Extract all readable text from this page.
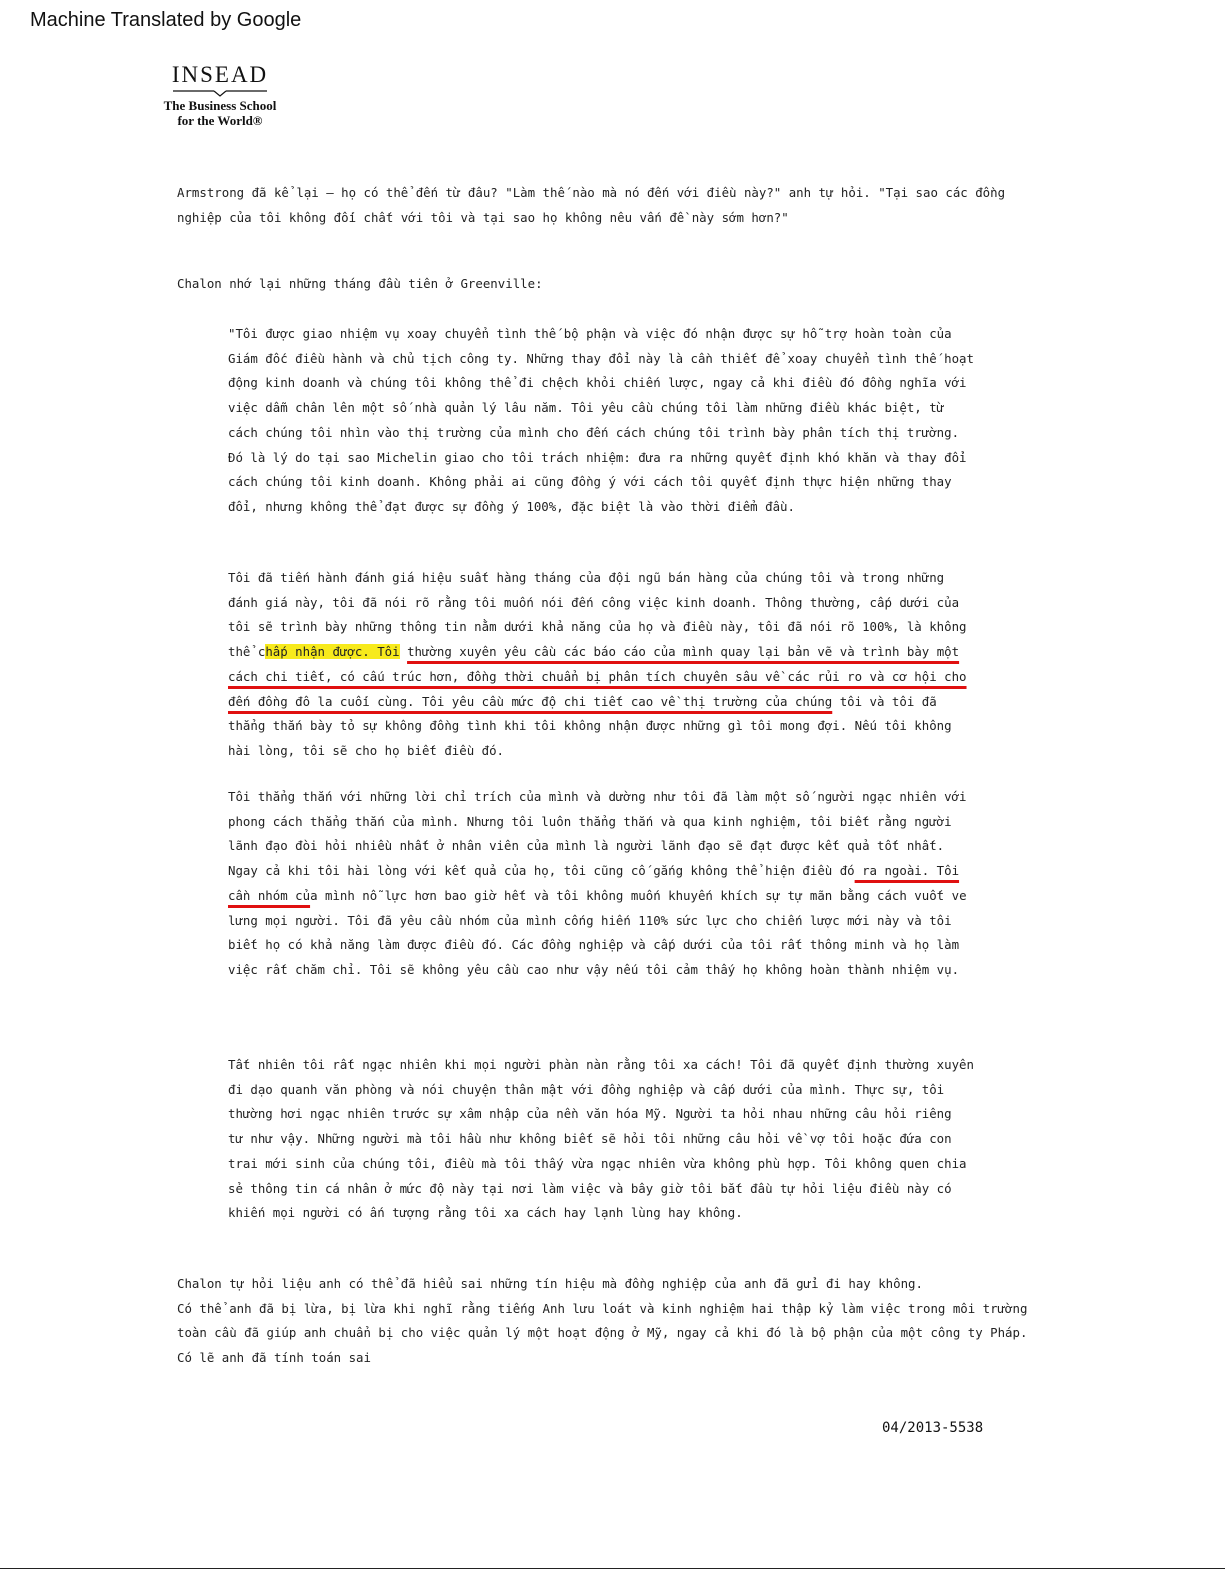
Machine Translated by Google
INSEAD
The Business School
for the World®
Armstrong đã kể lại – họ có thể đến từ đâu? "Làm thế nào mà nó đến với điều này?" anh tự hỏi. "Tại sao các đồng
nghiệp của tôi không đối chất với tôi và tại sao họ không nêu vấn đề này sớm hơn?"
Chalon nhớ lại những tháng đầu tiên ở Greenville:
"Tôi được giao nhiệm vụ xoay chuyển tình thế bộ phận và việc đó nhận được sự hỗ trợ hoàn toàn của
Giám đốc điều hành và chủ tịch công ty. Những thay đổi này là cần thiết để xoay chuyển tình thế hoạt
động kinh doanh và chúng tôi không thể đi chệch khỏi chiến lược, ngay cả khi điều đó đồng nghĩa với
việc dẫm chân lên một số nhà quản lý lâu năm. Tôi yêu cầu chúng tôi làm những điều khác biệt, từ
cách chúng tôi nhìn vào thị trường của mình cho đến cách chúng tôi trình bày phân tích thị trường.
Đó là lý do tại sao Michelin giao cho tôi trách nhiệm: đưa ra những quyết định khó khăn và thay đổi
cách chúng tôi kinh doanh. Không phải ai cũng đồng ý với cách tôi quyết định thực hiện những thay
đổi, nhưng không thể đạt được sự đồng ý 100%, đặc biệt là vào thời điểm đầu.
Tôi đã tiến hành đánh giá hiệu suất hàng tháng của đội ngũ bán hàng của chúng tôi và trong những
đánh giá này, tôi đã nói rõ rằng tôi muốn nói đến công việc kinh doanh. Thông thường, cấp dưới của
tôi sẽ trình bày những thông tin nằm dưới khả năng của họ và điều này, tôi đã nói rõ 100%, là không
thể chấp nhận được. Tôi thường xuyên yêu cầu các báo cáo của mình quay lại bản vẽ và trình bày một
cách chi tiết, có cấu trúc hơn, đồng thời chuẩn bị phân tích chuyên sâu về các rủi ro và cơ hội cho
đến đồng đô la cuối cùng. Tôi yêu cầu mức độ chi tiết cao về thị trường của chúng tôi và tôi đã
thẳng thắn bày tỏ sự không đồng tình khi tôi không nhận được những gì tôi mong đợi. Nếu tôi không
hài lòng, tôi sẽ cho họ biết điều đó.
Tôi thẳng thắn với những lời chỉ trích của mình và dường như tôi đã làm một số người ngạc nhiên với
phong cách thẳng thắn của mình. Nhưng tôi luôn thẳng thắn và qua kinh nghiệm, tôi biết rằng người
lãnh đạo đòi hỏi nhiều nhất ở nhân viên của mình là người lãnh đạo sẽ đạt được kết quả tốt nhất.
Ngay cả khi tôi hài lòng với kết quả của họ, tôi cũng cố gắng không thể hiện điều đó ra ngoài. Tôi
cần nhóm của mình nỗ lực hơn bao giờ hết và tôi không muốn khuyến khích sự tự mãn bằng cách vuốt ve
lưng mọi người. Tôi đã yêu cầu nhóm của mình cống hiến 110% sức lực cho chiến lược mới này và tôi
biết họ có khả năng làm được điều đó. Các đồng nghiệp và cấp dưới của tôi rất thông minh và họ làm
việc rất chăm chỉ. Tôi sẽ không yêu cầu cao như vậy nếu tôi cảm thấy họ không hoàn thành nhiệm vụ.
Tất nhiên tôi rất ngạc nhiên khi mọi người phàn nàn rằng tôi xa cách! Tôi đã quyết định thường xuyên
đi dạo quanh văn phòng và nói chuyện thân mật với đồng nghiệp và cấp dưới của mình. Thực sự, tôi
thường hơi ngạc nhiên trước sự xâm nhập của nền văn hóa Mỹ. Người ta hỏi nhau những câu hỏi riêng
tư như vậy. Những người mà tôi hầu như không biết sẽ hỏi tôi những câu hỏi về vợ tôi hoặc đứa con
trai mới sinh của chúng tôi, điều mà tôi thấy vừa ngạc nhiên vừa không phù hợp. Tôi không quen chia
sẻ thông tin cá nhân ở mức độ này tại nơi làm việc và bây giờ tôi bắt đầu tự hỏi liệu điều này có
khiến mọi người có ấn tượng rằng tôi xa cách hay lạnh lùng hay không.
Chalon tự hỏi liệu anh có thể đã hiểu sai những tín hiệu mà đồng nghiệp của anh đã gửi đi hay không.
Có thể anh đã bị lừa, bị lừa khi nghĩ rằng tiếng Anh lưu loát và kinh nghiệm hai thập kỷ làm việc trong môi trường
toàn cầu đã giúp anh chuẩn bị cho việc quản lý một hoạt động ở Mỹ, ngay cả khi đó là bộ phận của một công ty Pháp.
Có lẽ anh đã tính toán sai
04/2013-5538
